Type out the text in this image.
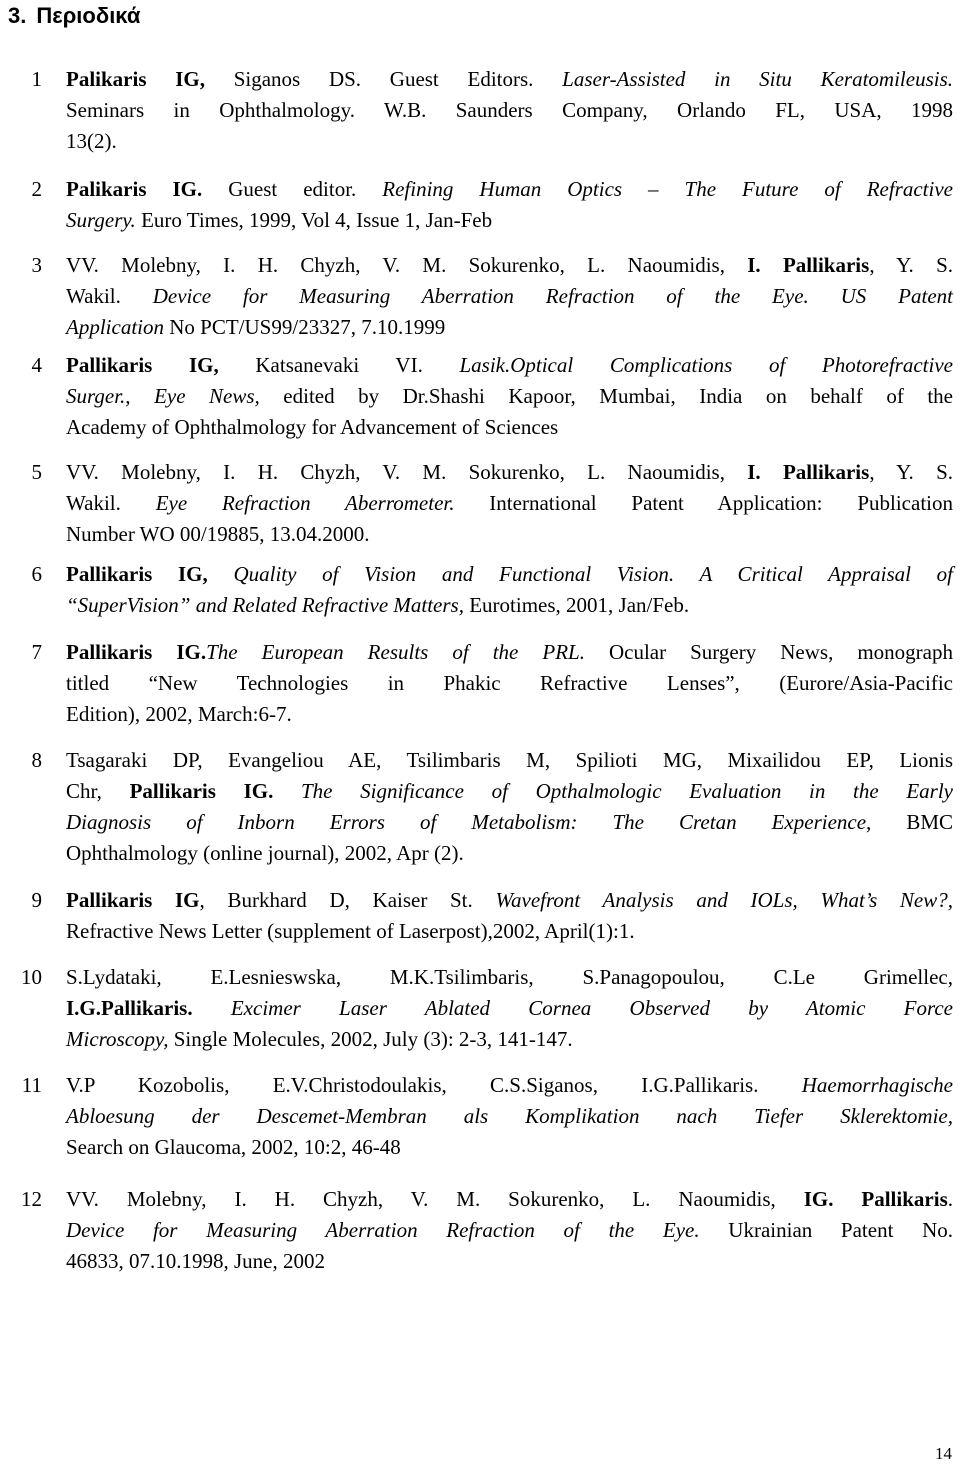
3. Περιοδικά
1 Palikaris IG, Siganos DS. Guest Editors. Laser-Assisted in Situ Keratomileusis.
Seminars in Ophthalmology. W.B. Saunders Company, Orlando FL, USA, 1998
13(2).
2 Palikaris IG. Guest editor. Refining Human Optics – The Future of Refractive
Surgery. Euro Times, 1999, Vol 4, Issue 1, Jan-Feb
3 VV. Molebny, I. H. Chyzh, V. M. Sokurenko, L. Naoumidis, I. Pallikaris, Y. S.
Wakil. Device for Measuring Aberration Refraction of the Eye. US Patent
Application No PCT/US99/23327, 7.10.1999
4 Pallikaris IG, Katsanevaki VI. Lasik.Optical Complications of Photorefractive
Surger., Eye News, edited by Dr.Shashi Kapoor, Mumbai, India on behalf of the
Academy of Ophthalmology for Advancement of Sciences
5 VV. Molebny, I. H. Chyzh, V. M. Sokurenko, L. Naoumidis, I. Pallikaris, Y. S.
Wakil. Eye Refraction Aberrometer. International Patent Application: Publication
Number WO 00/19885, 13.04.2000.
6 Pallikaris IG, Quality of Vision and Functional Vision. A Critical Appraisal of
“SuperVision” and Related Refractive Matters, Eurotimes, 2001, Jan/Feb.
7 Pallikaris IG.The European Results of the PRL. Ocular Surgery News, monograph
titled “New Technologies in Phakic Refractive Lenses”, (Eurore/Asia-Pacific
Edition), 2002, March:6-7.
8 Tsagaraki DP, Evangeliou AE, Tsilimbaris M, Spilioti MG, Mixailidou EP, Lionis
Chr, Pallikaris IG. The Significance of Opthalmologic Evaluation in the Early
Diagnosis of Inborn Errors of Metabolism: The Cretan Experience, BMC
Ophthalmology (online journal), 2002, Apr (2).
9 Pallikaris IG, Burkhard D, Kaiser St. Wavefront Analysis and IOLs, What’s New?,
Refractive News Letter (supplement of Laserpost),2002, April(1):1.
10 S.Lydataki, E.Lesnieswska, M.K.Tsilimbaris, S.Panagopoulou, C.Le Grimellec,
I.G.Pallikaris. Excimer Laser Ablated Cornea Observed by Atomic Force
Microscopy, Single Molecules, 2002, July (3): 2-3, 141-147.
11 V.P Kozobolis, E.V.Christodoulakis, C.S.Siganos, I.G.Pallikaris. Haemorrhagische
Abloesung der Descemet-Membran als Komplikation nach Tiefer Sklerektomie,
Search on Glaucoma, 2002, 10:2, 46-48
12 VV. Molebny, I. H. Chyzh, V. M. Sokurenko, L. Naoumidis, IG. Pallikaris.
Device for Measuring Aberration Refraction of the Eye. Ukrainian Patent No.
46833, 07.10.1998, June, 2002
14
